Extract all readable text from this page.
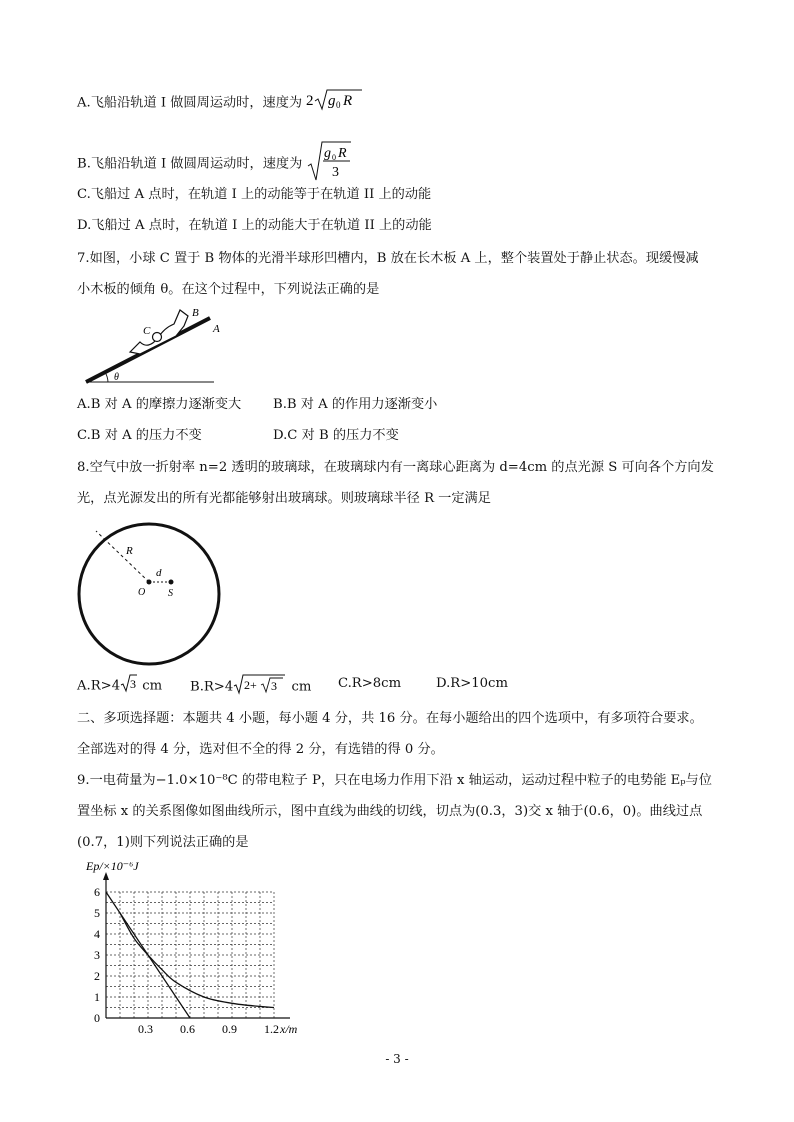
A.飞船沿轨道 I 做圆周运动时，速度为 2 g 0 R
B.飞船沿轨道 I 做圆周运动时，速度为
g 0 R
3
C.飞船过 A 点时，在轨道 I 上的动能等于在轨道 II 上的动能
D.飞船过 A 点时，在轨道 I 上的动能大于在轨道 II 上的动能
7.如图，小球 C 置于 B 物体的光滑半球形凹槽内，B 放在长木板 A 上，整个装置处于静止状态。现缓慢减
小木板的倾角 θ。在这个过程中，下列说法正确的是
C
B
A
θ
A.B 对 A 的摩擦力逐渐变大 B.B 对 A 的作用力逐渐变小
C.B 对 A 的压力不变	D.C 对 B 的压力不变
8.空气中放一折射率 n=2 透明的玻璃球，在玻璃球内有一离球心距离为 d=4cm 的点光源 S 可向各个方向发
光，点光源发出的所有光都能够射出玻璃球。则玻璃球半径 R 一定满足
R
d
O S
A.R>4 3 cm B.R>4 2+ 3 cm C.R>8cm	D.R>10cm
二、多项选择题：本题共 4 小题，每小题 4 分，共 16 分。在每小题给出的四个选项中，有多项符合要求。
全部选对的得 4 分，选对但不全的得 2 分，有选错的得 0 分。
9.一电荷量为−1.0×10⁻⁸C 的带电粒子 P，只在电场力作用下沿 x 轴运动，运动过程中粒子的电势能 Eₚ与位
置坐标 x 的关系图像如图曲线所示，图中直线为曲线的切线，切点为(0.3，3)交 x 轴于(0.6，0)。曲线过点
(0.7，1)则下列说法正确的是
0
1
2
3
4
5
6
0.3 0.6 0.9 1.2
Ep/×10⁻⁶J
x/m
- 3 -
